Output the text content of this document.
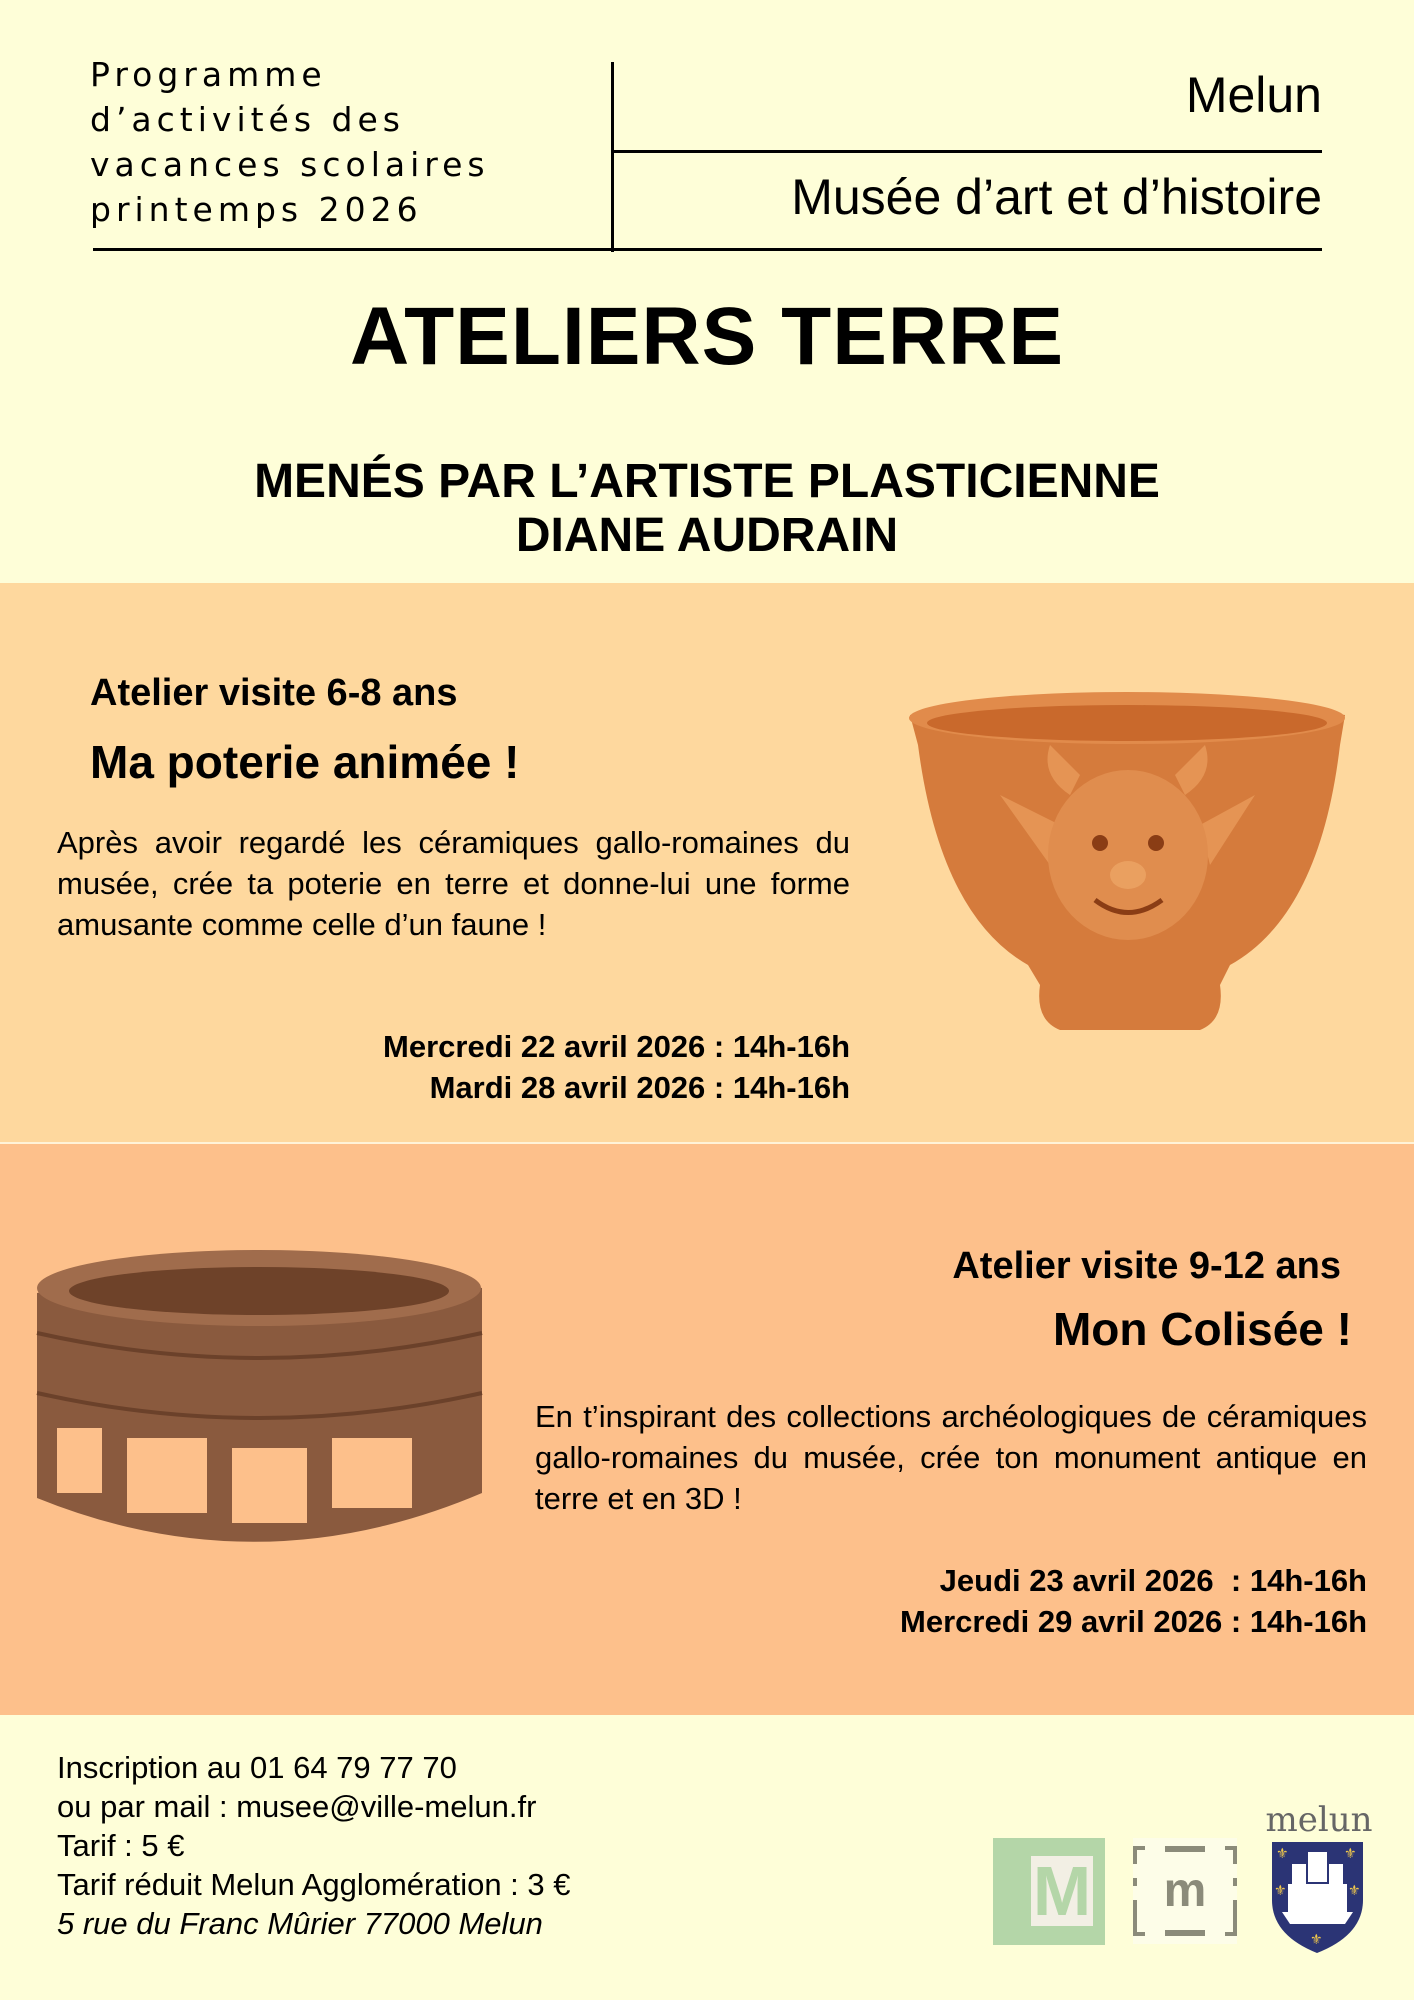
Programme
d’activités des
vacances scolaires
printemps 2026
Melun
Musée d’art et d’histoire
ATELIERS TERRE
MENÉS PAR L’ARTISTE PLASTICIENNE
DIANE AUDRAIN
Atelier visite 6-8 ans
Ma poterie animée !
Après avoir regardé les céramiques gallo-romaines du musée, crée ta poterie en terre et donne-lui une forme amusante comme celle d’un faune !
Mercredi 22 avril 2026 : 14h-16h
Mardi 28 avril 2026 : 14h-16h
Atelier visite 9-12 ans
Mon Colisée !
En t’inspirant des collections archéologiques de céramiques gallo-romaines du musée, crée ton monument antique en terre et en 3D !
Jeudi 23 avril 2026  : 14h-16h
Mercredi 29 avril 2026 : 14h-16h
Inscription au 01 64 79 77 70
ou par mail : musee@ville-melun.fr
Tarif : 5 €
Tarif réduit Melun Agglomération : 3 €
5 rue du Franc Mûrier 77000 Melun	M m
melun
⚜	⚜
⚜	⚜
⚜
